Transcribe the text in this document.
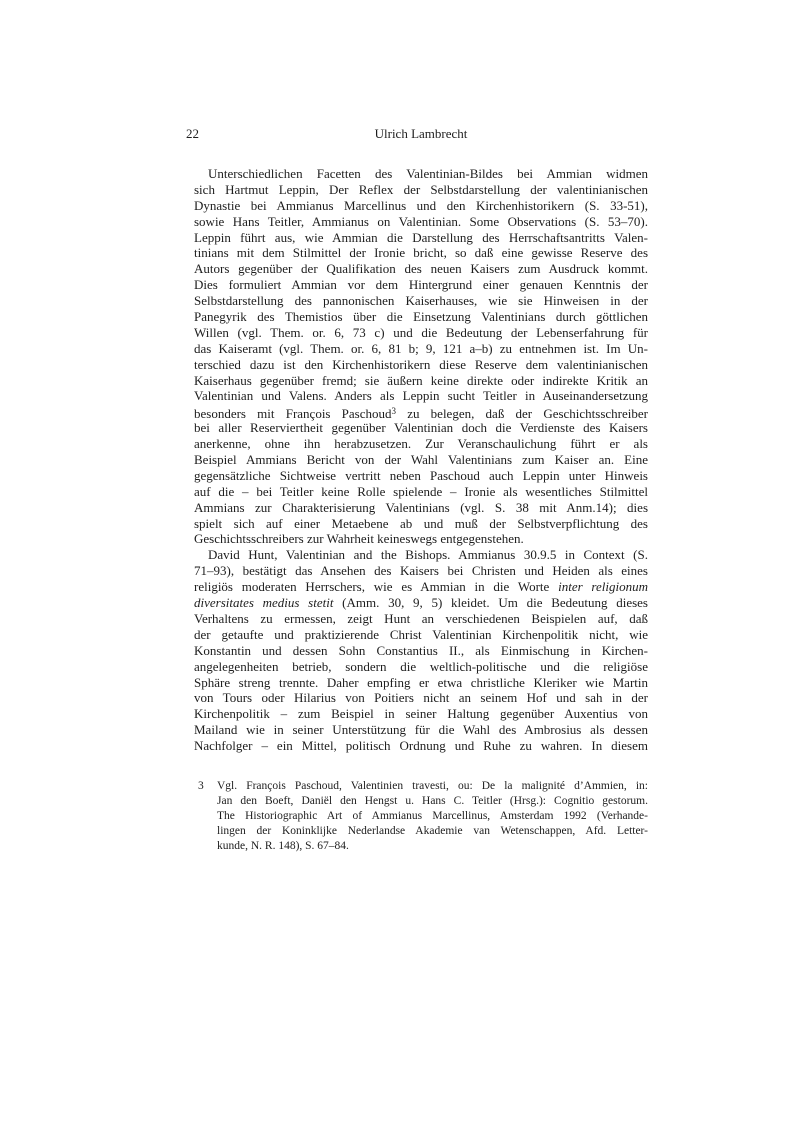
22	Ulrich Lambrecht
Unterschiedlichen Facetten des Valentinian-Bildes bei Ammian widmen
sich Hartmut Leppin, Der Reflex der Selbstdarstellung der valentinianischen
Dynastie bei Ammianus Marcellinus und den Kirchenhistorikern (S. 33-51),
sowie Hans Teitler, Ammianus on Valentinian. Some Observations (S. 53–70).
Leppin führt aus, wie Ammian die Darstellung des Herrschaftsantritts Valen-
tinians mit dem Stilmittel der Ironie bricht, so daß eine gewisse Reserve des
Autors gegenüber der Qualifikation des neuen Kaisers zum Ausdruck kommt.
Dies formuliert Ammian vor dem Hintergrund einer genauen Kenntnis der
Selbstdarstellung des pannonischen Kaiserhauses, wie sie Hinweisen in der
Panegyrik des Themistios über die Einsetzung Valentinians durch göttlichen
Willen (vgl. Them. or. 6, 73 c) und die Bedeutung der Lebenserfahrung für
das Kaiseramt (vgl. Them. or. 6, 81 b; 9, 121 a–b) zu entnehmen ist. Im Un-
terschied dazu ist den Kirchenhistorikern diese Reserve dem valentinianischen
Kaiserhaus gegenüber fremd; sie äußern keine direkte oder indirekte Kritik an
Valentinian und Valens. Anders als Leppin sucht Teitler in Auseinandersetzung
besonders mit François Paschoud$^3$ zu belegen, daß der Geschichtsschreiber
bei aller Reserviertheit gegenüber Valentinian doch die Verdienste des Kaisers
anerkenne, ohne ihn herabzusetzen. Zur Veranschaulichung führt er als
Beispiel Ammians Bericht von der Wahl Valentinians zum Kaiser an. Eine
gegensätzliche Sichtweise vertritt neben Paschoud auch Leppin unter Hinweis
auf die – bei Teitler keine Rolle spielende – Ironie als wesentliches Stilmittel
Ammians zur Charakterisierung Valentinians (vgl. S. 38 mit Anm.14); dies
spielt sich auf einer Metaebene ab und muß der Selbstverpflichtung des
Geschichtsschreibers zur Wahrheit keineswegs entgegenstehen.
David Hunt, Valentinian and the Bishops. Ammianus 30.9.5 in Context (S.
71–93), bestätigt das Ansehen des Kaisers bei Christen und Heiden als eines
religiös moderaten Herrschers, wie es Ammian in die Worte inter religionum
diversitates medius stetit (Amm. 30, 9, 5) kleidet. Um die Bedeutung dieses
Verhaltens zu ermessen, zeigt Hunt an verschiedenen Beispielen auf, daß
der getaufte und praktizierende Christ Valentinian Kirchenpolitik nicht, wie
Konstantin und dessen Sohn Constantius II., als Einmischung in Kirchen-
angelegenheiten betrieb, sondern die weltlich-politische und die religiöse
Sphäre streng trennte. Daher empfing er etwa christliche Kleriker wie Martin
von Tours oder Hilarius von Poitiers nicht an seinem Hof und sah in der
Kirchenpolitik – zum Beispiel in seiner Haltung gegenüber Auxentius von
Mailand wie in seiner Unterstützung für die Wahl des Ambrosius als dessen
Nachfolger – ein Mittel, politisch Ordnung und Ruhe zu wahren. In diesem
3 Vgl. François Paschoud, Valentinien travesti, ou: De la malignité d’Ammien, in:
Jan den Boeft, Daniël den Hengst u. Hans C. Teitler (Hrsg.): Cognitio gestorum.
The Historiographic Art of Ammianus Marcellinus, Amsterdam 1992 (Verhande-
lingen der Koninklijke Nederlandse Akademie van Wetenschappen, Afd. Letter-
kunde, N. R. 148), S. 67–84.
